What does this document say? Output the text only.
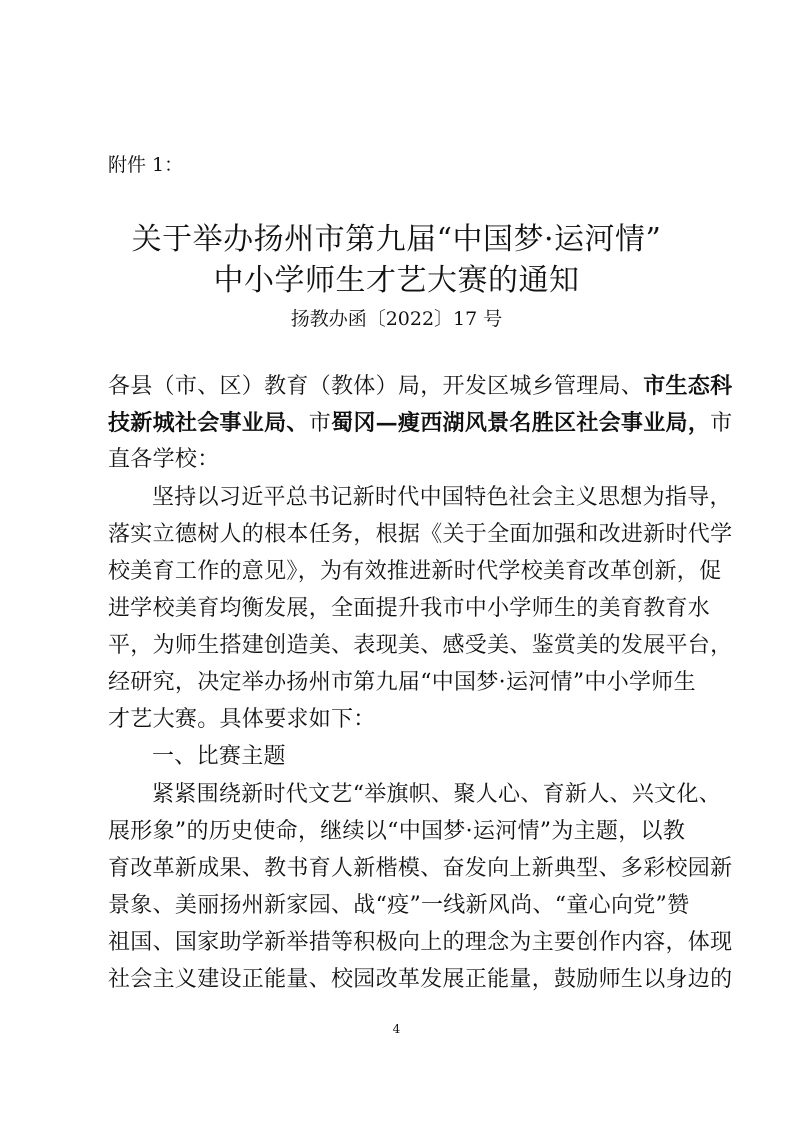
附件 1：

关于举办扬州市第九届“中国梦·运河情”
中小学师生才艺大赛的通知

扬教办函〔2022〕17 号

各县（市、区）教育（教体）局，开发区城乡管理局、市生态科

技新城社会事业局、市蜀冈—瘦西湖风景名胜区社会事业局，市

直各学校：

坚持以习近平总书记新时代中国特色社会主义思想为指导，

落实立德树人的根本任务，根据《关于全面加强和改进新时代学

校美育工作的意见》，为有效推进新时代学校美育改革创新，促

进学校美育均衡发展，全面提升我市中小学师生的美育教育水

平，为师生搭建创造美、表现美、感受美、鉴赏美的发展平台，

经研究，决定举办扬州市第九届“中国梦·运河情”中小学师生

才艺大赛。具体要求如下：

一、比赛主题

紧紧围绕新时代文艺“举旗帜、聚人心、育新人、兴文化、

展形象”的历史使命，继续以“中国梦·运河情”为主题，以教

育改革新成果、教书育人新楷模、奋发向上新典型、多彩校园新

景象、美丽扬州新家园、战“疫”一线新风尚、“童心向党”赞

祖国、国家助学新举措等积极向上的理念为主要创作内容，体现

社会主义建设正能量、校园改革发展正能量，鼓励师生以身边的

4
